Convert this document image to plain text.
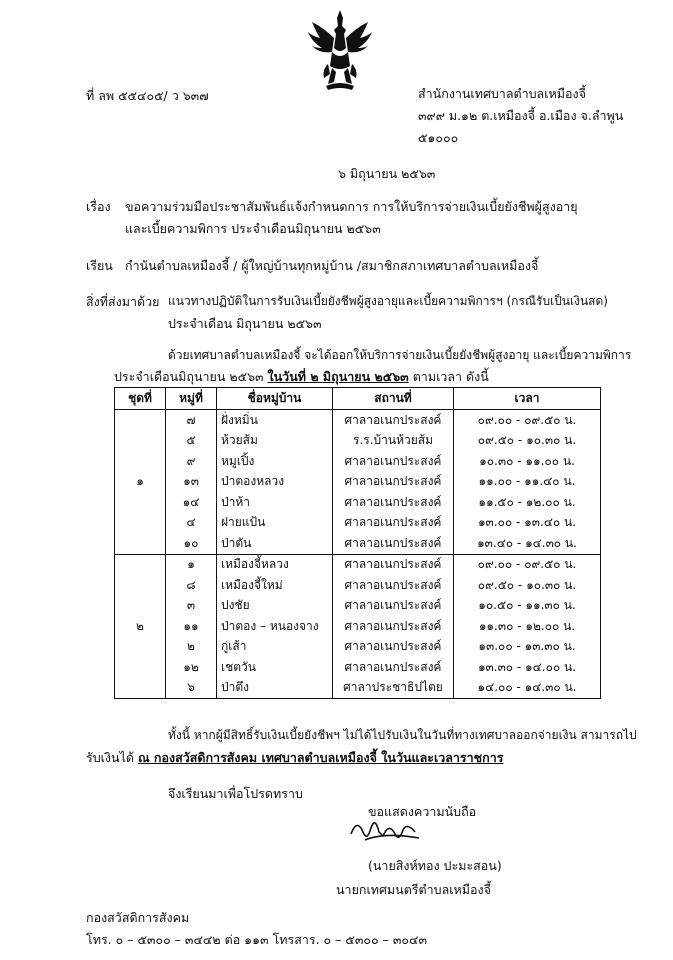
ที่ ลพ ๕๕๔๐๕/ ว ๖๓๗	สำนักงานเทศบาลตำบลเหมืองจี้
๓๙๙ ม.๑๒ ต.เหมืองจี้ อ.เมือง จ.ลำพูน
๕๑๐๐๐
๖ มิถุนายน ๒๕๖๓
เรื่อง ขอความร่วมมือประชาสัมพันธ์แจ้งกำหนดการ การให้บริการจ่ายเงินเบี้ยยังชีพผู้สูงอายุ
และเบี้ยความพิการ ประจำเดือนมิถุนายน ๒๕๖๓
เรียน กำนันตำบลเหมืองจี้ / ผู้ใหญ่บ้านทุกหมู่บ้าน /สมาชิกสภาเทศบาลตำบลเหมืองจี้
สิ่งที่ส่งมาด้วย แนวทางปฏิบัติในการรับเงินเบี้ยยังชีพผู้สูงอายุและเบี้ยความพิการฯ (กรณีรับเป็นเงินสด)
ประจำเดือน มิถุนายน ๒๕๖๓
ด้วยเทศบาลตำบลเหมืองจี้ จะได้ออกให้บริการจ่ายเงินเบี้ยยังชีพผู้สูงอายุ และเบี้ยความพิการ
ประจำเดือนมิถุนายน ๒๕๖๓ ในวันที่ ๒ มิถุนายน ๒๕๖๓ ตามเวลา ดังนี้
ชุดที่	หมู่ที่	ชื่อหมู่บ้าน	สถานที่	เวลา
๑	๗	ฝั่งหมิ่น	ศาลาอเนกประสงค์	๐๙.๐๐ - ๐๙.๕๐ น.
	๕	ห้วยส้ม	ร.ร.บ้านห้วยส้ม	๐๙.๕๐ - ๑๐.๓๐ น.
	๙	หมูเปิ้ง	ศาลาอเนกประสงค์	๑๐.๓๐ - ๑๑.๐๐ น.
	๑๓	ป่าตองหลวง	ศาลาอเนกประสงค์	๑๑.๐๐ - ๑๑.๔๐ น.
	๑๔	ป่าห้า	ศาลาอเนกประสงค์	๑๑.๕๐ - ๑๒.๐๐ น.
	๔	ฝายแป้น	ศาลาอเนกประสงค์	๑๓.๐๐ - ๑๓.๔๐ น.
	๑๐	ป่าตัน	ศาลาอเนกประสงค์	๑๓.๔๐ - ๑๔.๓๐ น.
๒	๑	เหมืองจี้หลวง	ศาลาอเนกประสงค์	๐๙.๐๐ - ๐๙.๕๐ น.
	๘	เหมืองจี้ใหม่	ศาลาอเนกประสงค์	๐๙.๕๐ - ๑๐.๓๐ น.
	๓	ปงชัย	ศาลาอเนกประสงค์	๑๐.๕๐ - ๑๑.๓๐ น.
	๑๑	ป่าตอง – หนองจาง	ศาลาอเนกประสงค์	๑๑.๓๐ - ๑๒.๐๐ น.
	๒	กู่เส้า	ศาลาอเนกประสงค์	๑๓.๐๐ - ๑๓.๓๐ น.
	๑๒	เชตวัน	ศาลาอเนกประสงค์	๑๓.๓๐ - ๑๔.๐๐ น.
	๖	ป่าตึง	ศาลาประชาธิปไตย	๑๔.๐๐ - ๑๔.๓๐ น.
ทั้งนี้ หากผู้มีสิทธิ์รับเงินเบี้ยยังชีพฯ ไม่ได้ไปรับเงินในวันที่ทางเทศบาลออกจ่ายเงิน สามารถไป
รับเงินได้ ณ กองสวัสดิการสังคม เทศบาลตำบลเหมืองจี้ ในวันและเวลาราชการ
จึงเรียนมาเพื่อโปรดทราบ
ขอแสดงความนับถือ
(นายสิงห์ทอง ปะมะสอน)
นายกเทศมนตรีตำบลเหมืองจี้
กองสวัสดิการสังคม
โทร. ๐ – ๕๓๐๐ – ๓๔๔๒ ต่อ ๑๑๓ โทรสาร. ๐ – ๕๓๐๐ – ๓๐๔๓
